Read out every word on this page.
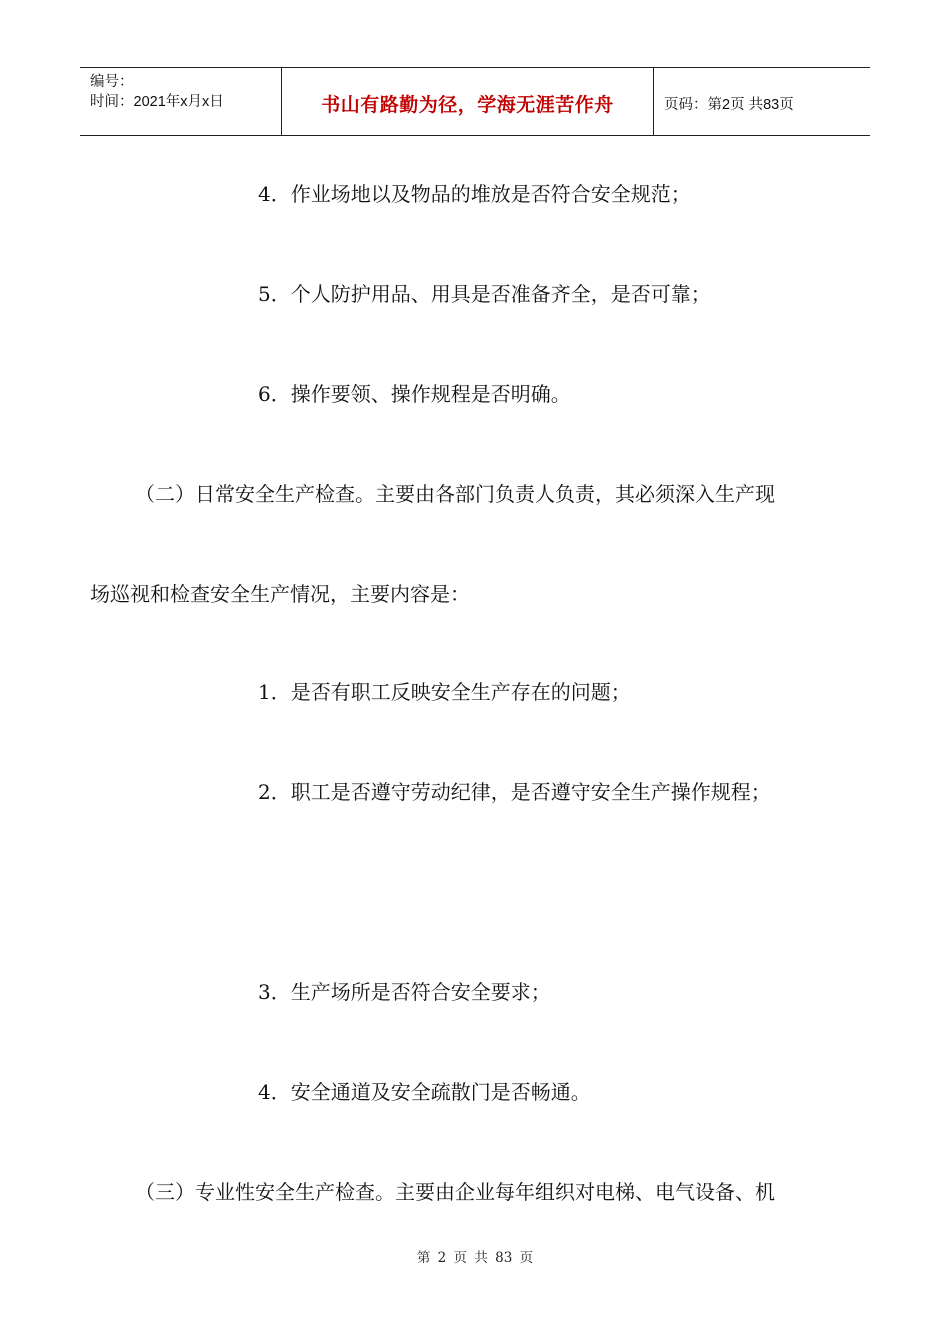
编号：
时间：2021年x月x日	书山有路勤为径，学海无涯苦作舟	页码：第2页 共83页
4．作业场地以及物品的堆放是否符合安全规范；
5．个人防护用品、用具是否准备齐全，是否可靠；
6．操作要领、操作规程是否明确。
（二）日常安全生产检查。主要由各部门负责人负责，其必须深入生产现
场巡视和检查安全生产情况，主要内容是：
1．是否有职工反映安全生产存在的问题；
2．职工是否遵守劳动纪律，是否遵守安全生产操作规程；
3．生产场所是否符合安全要求；
4．安全通道及安全疏散门是否畅通。
（三）专业性安全生产检查。主要由企业每年组织对电梯、电气设备、机
第 2 页 共 83 页
